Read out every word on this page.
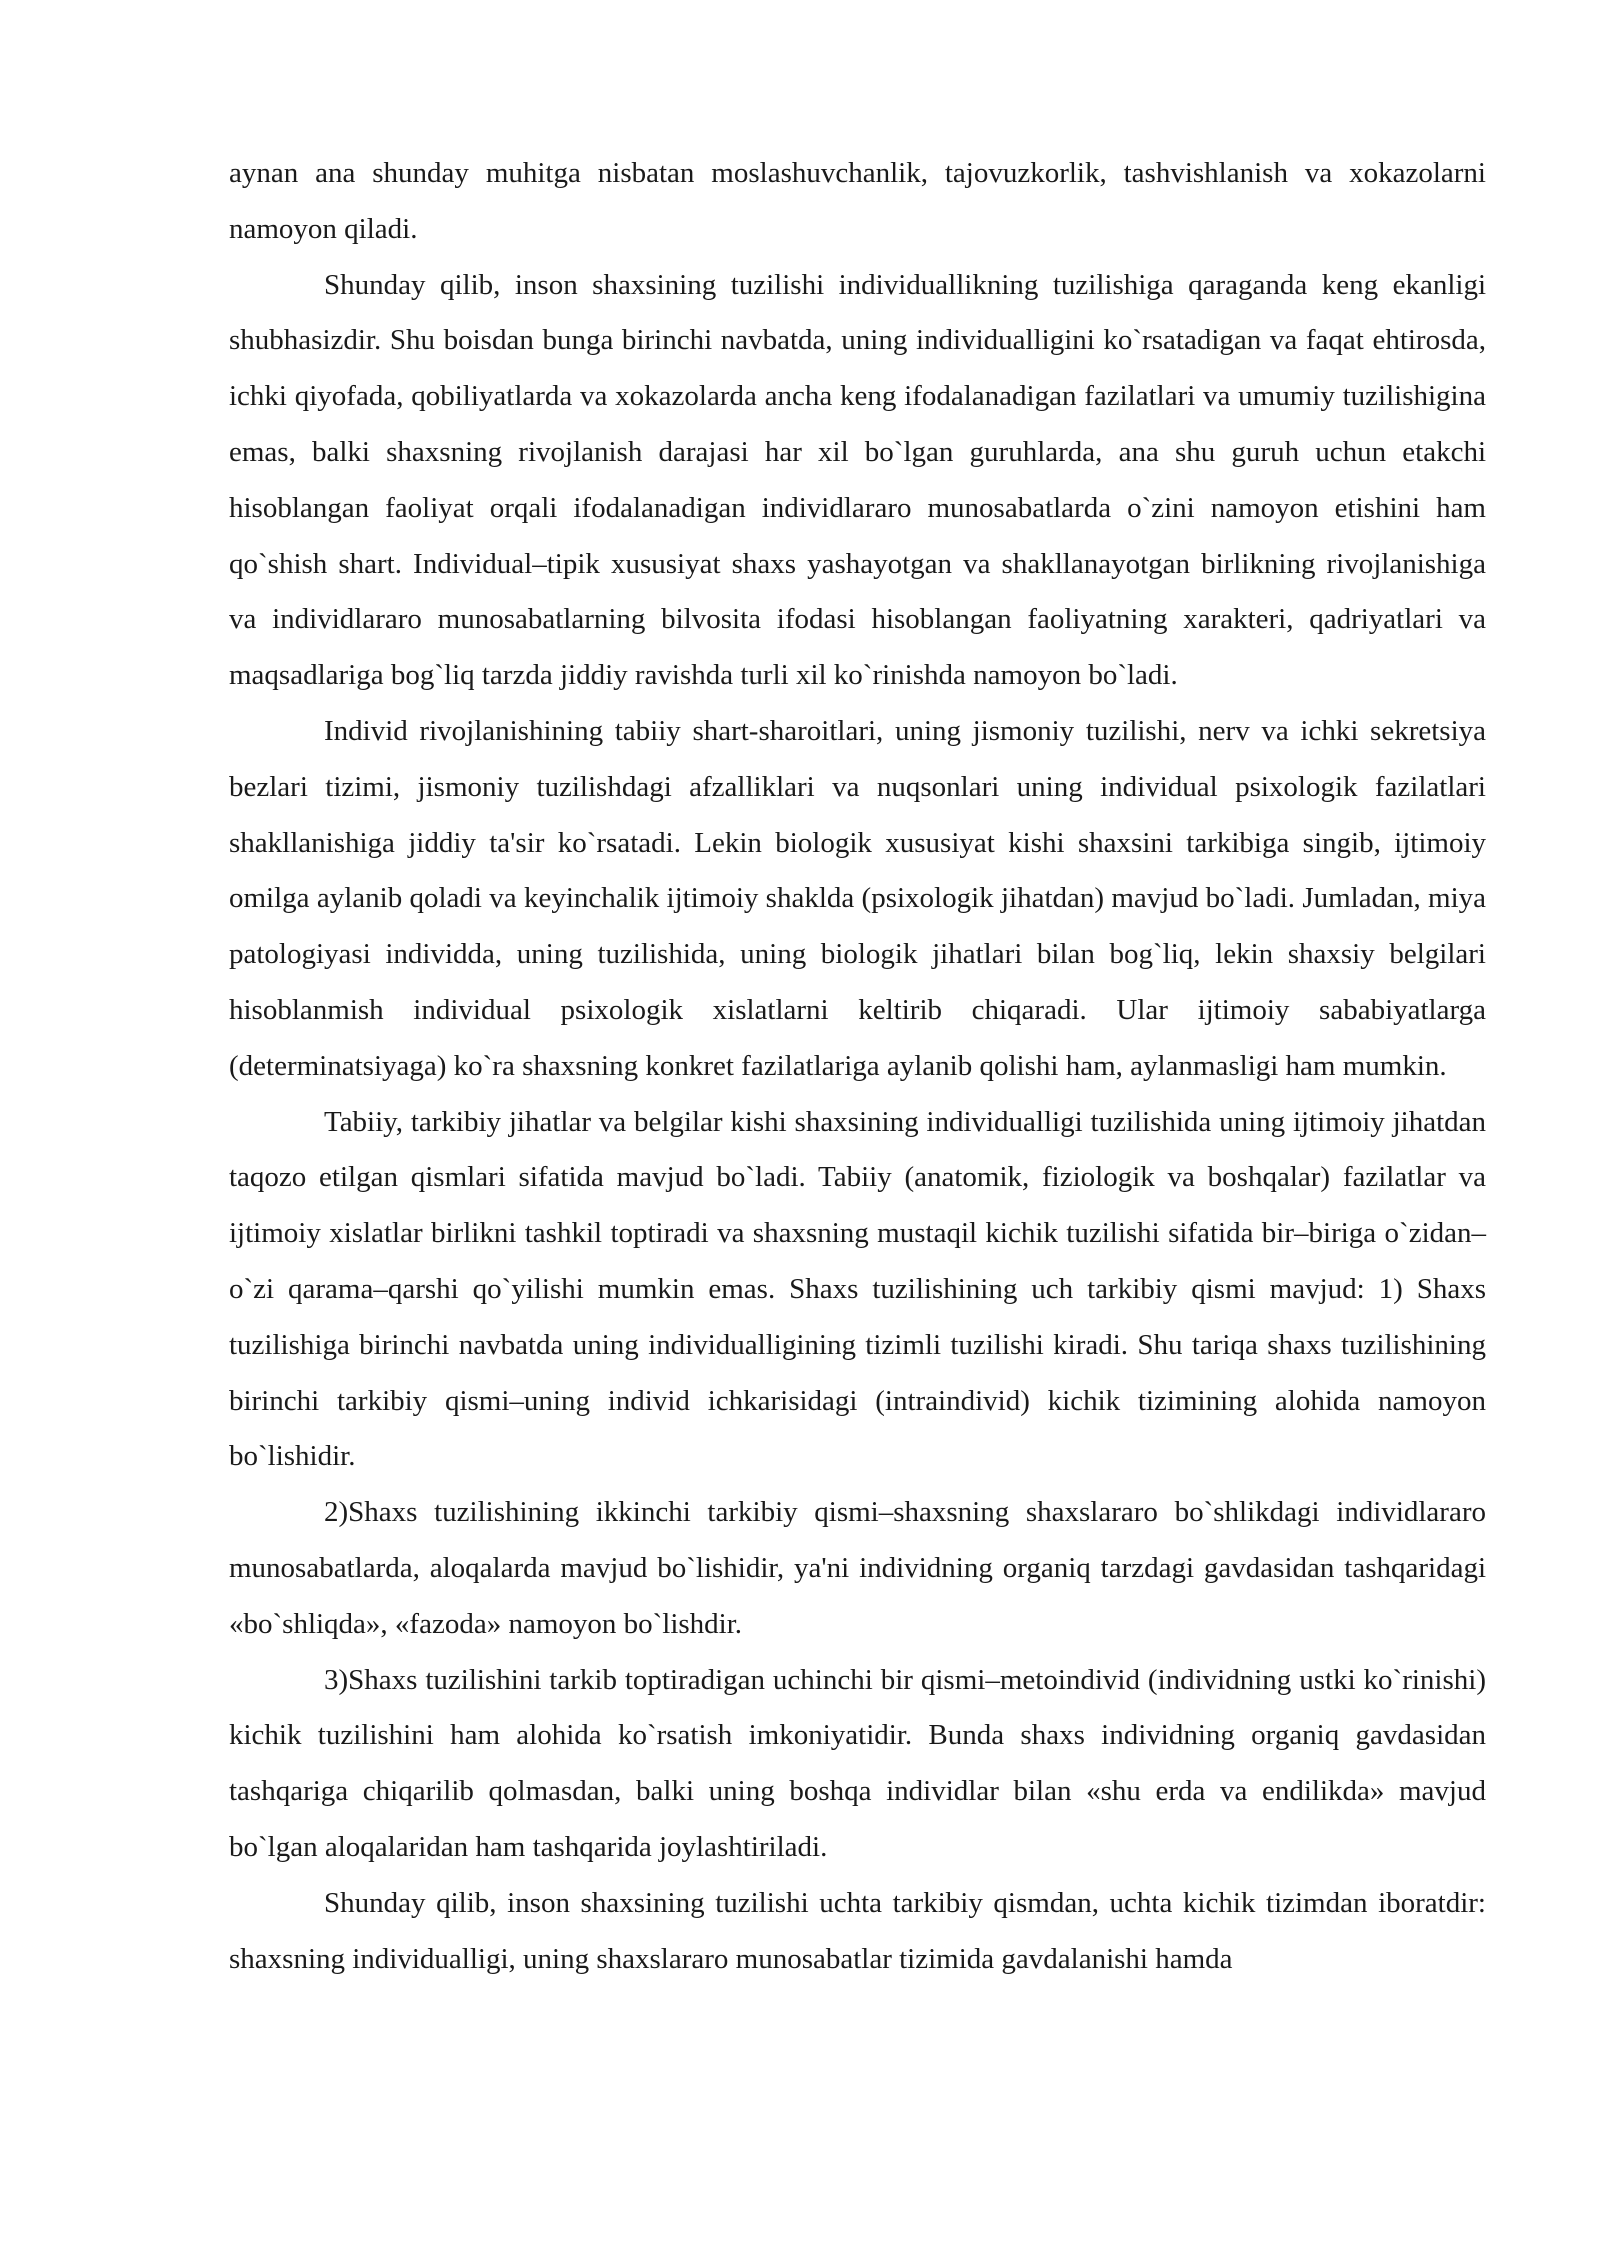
aynan ana shunday muhitga nisbatan moslashuvchanlik, tajovuzkorlik, tashvishlanish va xokazolarni namoyon qiladi.

Shunday qilib, inson shaxsining tuzilishi individuallikning tuzilishiga qaraganda keng ekanligi shubhasizdir. Shu boisdan bunga birinchi navbatda, uning individualligini ko`rsatadigan va faqat ehtirosda, ichki qiyofada, qobiliyatlarda va xokazolarda ancha keng ifodalanadigan fazilatlari va umumiy tuzilishigina emas, balki shaxsning rivojlanish darajasi har xil bo`lgan guruhlarda, ana shu guruh uchun etakchi hisoblangan faoliyat orqali ifodalanadigan individlararo munosabatlarda o`zini namoyon etishini ham qo`shish shart. Individual–tipik xususiyat shaxs yashayotgan va shakllanayotgan birlikning rivojlanishiga va individlararo munosabatlarning bilvosita ifodasi hisoblangan faoliyatning xarakteri, qadriyatlari va maqsadlariga bog`liq tarzda jiddiy ravishda turli xil ko`rinishda namoyon bo`ladi.

Individ rivojlanishining tabiiy shart-sharoitlari, uning jismoniy tuzilishi, nerv va ichki sekretsiya bezlari tizimi, jismoniy tuzilishdagi afzalliklari va nuqsonlari uning individual psixologik fazilatlari shakllanishiga jiddiy ta'sir ko`rsatadi. Lekin biologik xususiyat kishi shaxsini tarkibiga singib, ijtimoiy omilga aylanib qoladi va keyinchalik ijtimoiy shaklda (psixologik jihatdan) mavjud bo`ladi. Jumladan, miya patologiyasi individda, uning tuzilishida, uning biologik jihatlari bilan bog`liq, lekin shaxsiy belgilari hisoblanmish individual psixologik xislatlarni keltirib chiqaradi. Ular ijtimoiy sababiyatlarga (determinatsiyaga) ko`ra shaxsning konkret fazilatlariga aylanib qolishi ham, aylanmasligi ham mumkin.

Tabiiy, tarkibiy jihatlar va belgilar kishi shaxsining individualligi tuzilishida uning ijtimoiy jihatdan taqozo etilgan qismlari sifatida mavjud bo`ladi. Tabiiy (anatomik, fiziologik va boshqalar) fazilatlar va ijtimoiy xislatlar birlikni tashkil toptiradi va shaxsning mustaqil kichik tuzilishi sifatida bir–biriga o`zidan–o`zi qarama–qarshi qo`yilishi mumkin emas. Shaxs tuzilishining uch tarkibiy qismi mavjud: 1) Shaxs tuzilishiga birinchi navbatda uning individualligining tizimli tuzilishi kiradi. Shu tariqa shaxs tuzilishining birinchi tarkibiy qismi–uning individ ichkarisidagi (intraindivid) kichik tizimining alohida namoyon bo`lishidir.

2)Shaxs tuzilishining ikkinchi tarkibiy qismi–shaxsning shaxslararo bo`shlikdagi individlararo munosabatlarda, aloqalarda mavjud bo`lishidir, ya'ni individning organiq tarzdagi gavdasidan tashqaridagi «bo`shliqda», «fazoda» namoyon bo`lishdir.

3)Shaxs tuzilishini tarkib toptiradigan uchinchi bir qismi–metoindivid (individning ustki ko`rinishi) kichik tuzilishini ham alohida ko`rsatish imkoniyatidir. Bunda shaxs individning organiq gavdasidan tashqariga chiqarilib qolmasdan, balki uning boshqa individlar bilan «shu erda va endilikda» mavjud bo`lgan aloqalaridan ham tashqarida joylashtiriladi.

Shunday qilib, inson shaxsining tuzilishi uchta tarkibiy qismdan, uchta kichik tizimdan iboratdir: shaxsning individualligi, uning shaxslararo munosabatlar tizimida gavdalanishi hamda
